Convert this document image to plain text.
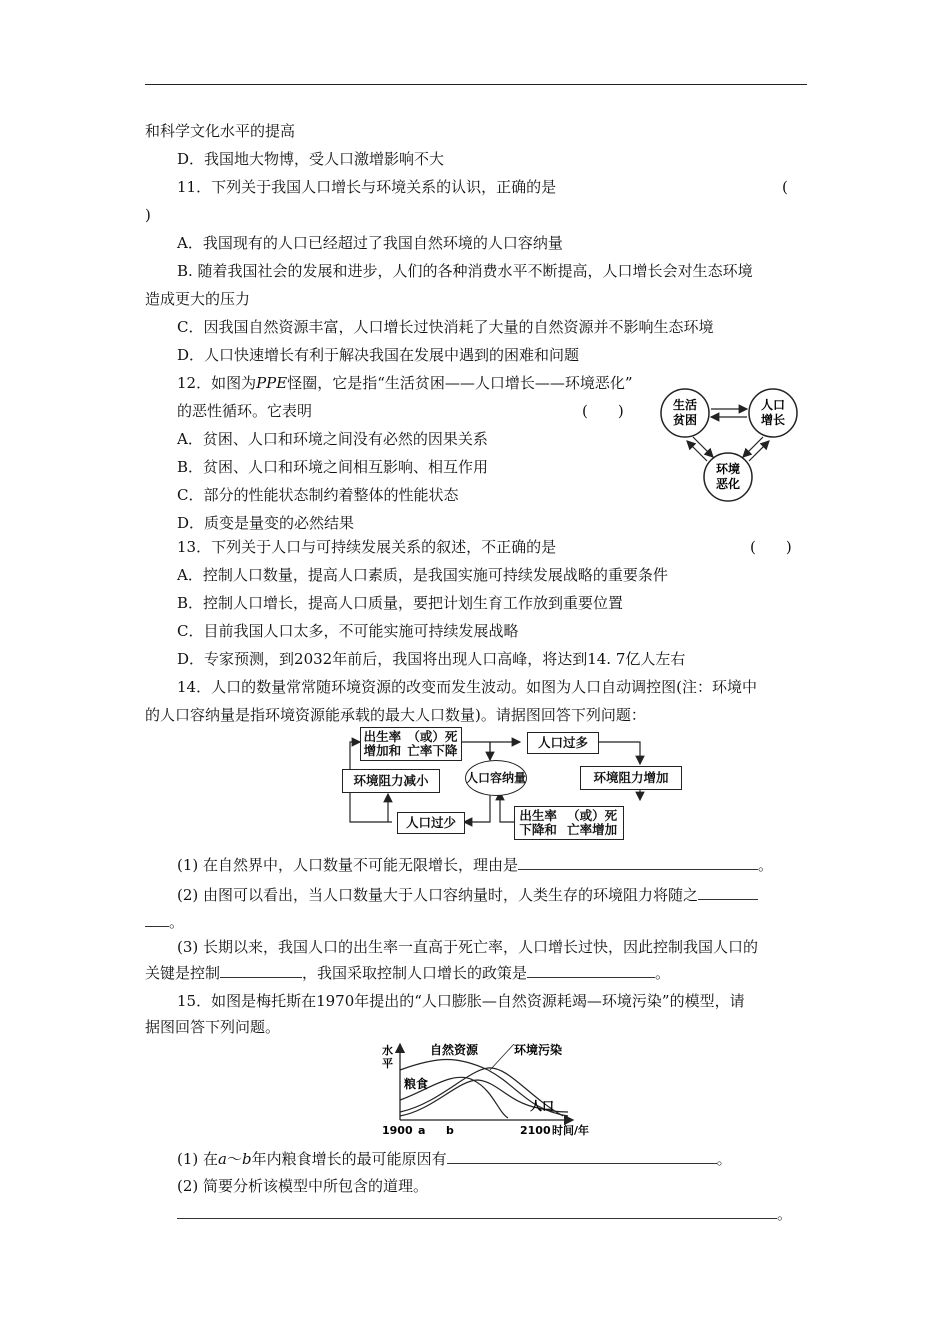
和科学文化水平的提高
D．我国地大物博，受人口激增影响不大
11．下列关于我国人口增长与环境关系的认识，正确的是	(
)
A．我国现有的人口已经超过了我国自然环境的人口容纳量
B. 随着我国社会的发展和进步，人们的各种消费水平不断提高，人口增长会对生态环境
造成更大的压力
C．因我国自然资源丰富，人口增长过快消耗了大量的自然资源并不影响生态环境
D．人口快速增长有利于解决我国在发展中遇到的困难和问题
12．如图为PPE怪圈，它是指“生活贫困——人口增长——环境恶化”
的恶性循环。它表明	(　　)
A．贫困、人口和环境之间没有必然的因果关系
B．贫困、人口和环境之间相互影响、相互作用
C．部分的性能状态制约着整体的性能状态
D．质变是量变的必然结果
生活
贫困
人口
增长
环境
恶化
13．下列关于人口与可持续发展关系的叙述，不正确的是	(　　)
A．控制人口数量，提高人口素质，是我国实施可持续发展战略的重要条件
B．控制人口增长，提高人口质量，要把计划生育工作放到重要位置
C．目前我国人口太多，不可能实施可持续发展战略
D．专家预测，到2032年前后，我国将出现人口高峰，将达到14. 7亿人左右
14．人口的数量常常随环境资源的改变而发生波动。如图为人口自动调控图(注：环境中
的人口容纳量是指环境资源能承载的最大人口数量)。请据图回答下列问题：
出生率增加和

（或）死亡率下降
人口过多
环境阻力减小	人口 容纳量	环境阻力增加
人口过少	出生率下降和

（或）死亡率增加
(1) 在自然界中，人口数量不可能无限增长，理由是	。
(2) 由图可以看出，当人口数量大于人口容纳量时，人类生存的环境阻力将随之
。
(3) 长期以来，我国人口的出生率一直高于死亡率，人口增长过快，因此控制我国人口的
关键是控制	，我国采取控制人口增长的政策是	。
15．如图是梅托斯在1970年提出的“人口膨胀—自然资源耗竭—环境污染”的模型，请
据图回答下列问题。
水
平
自然资源	环境污染
粮食
人口
1900 a b	2100 时间/年
(1) 在a～b年内粮食增长的最可能原因有	。
(2) 简要分析该模型中所包含的道理。
。
